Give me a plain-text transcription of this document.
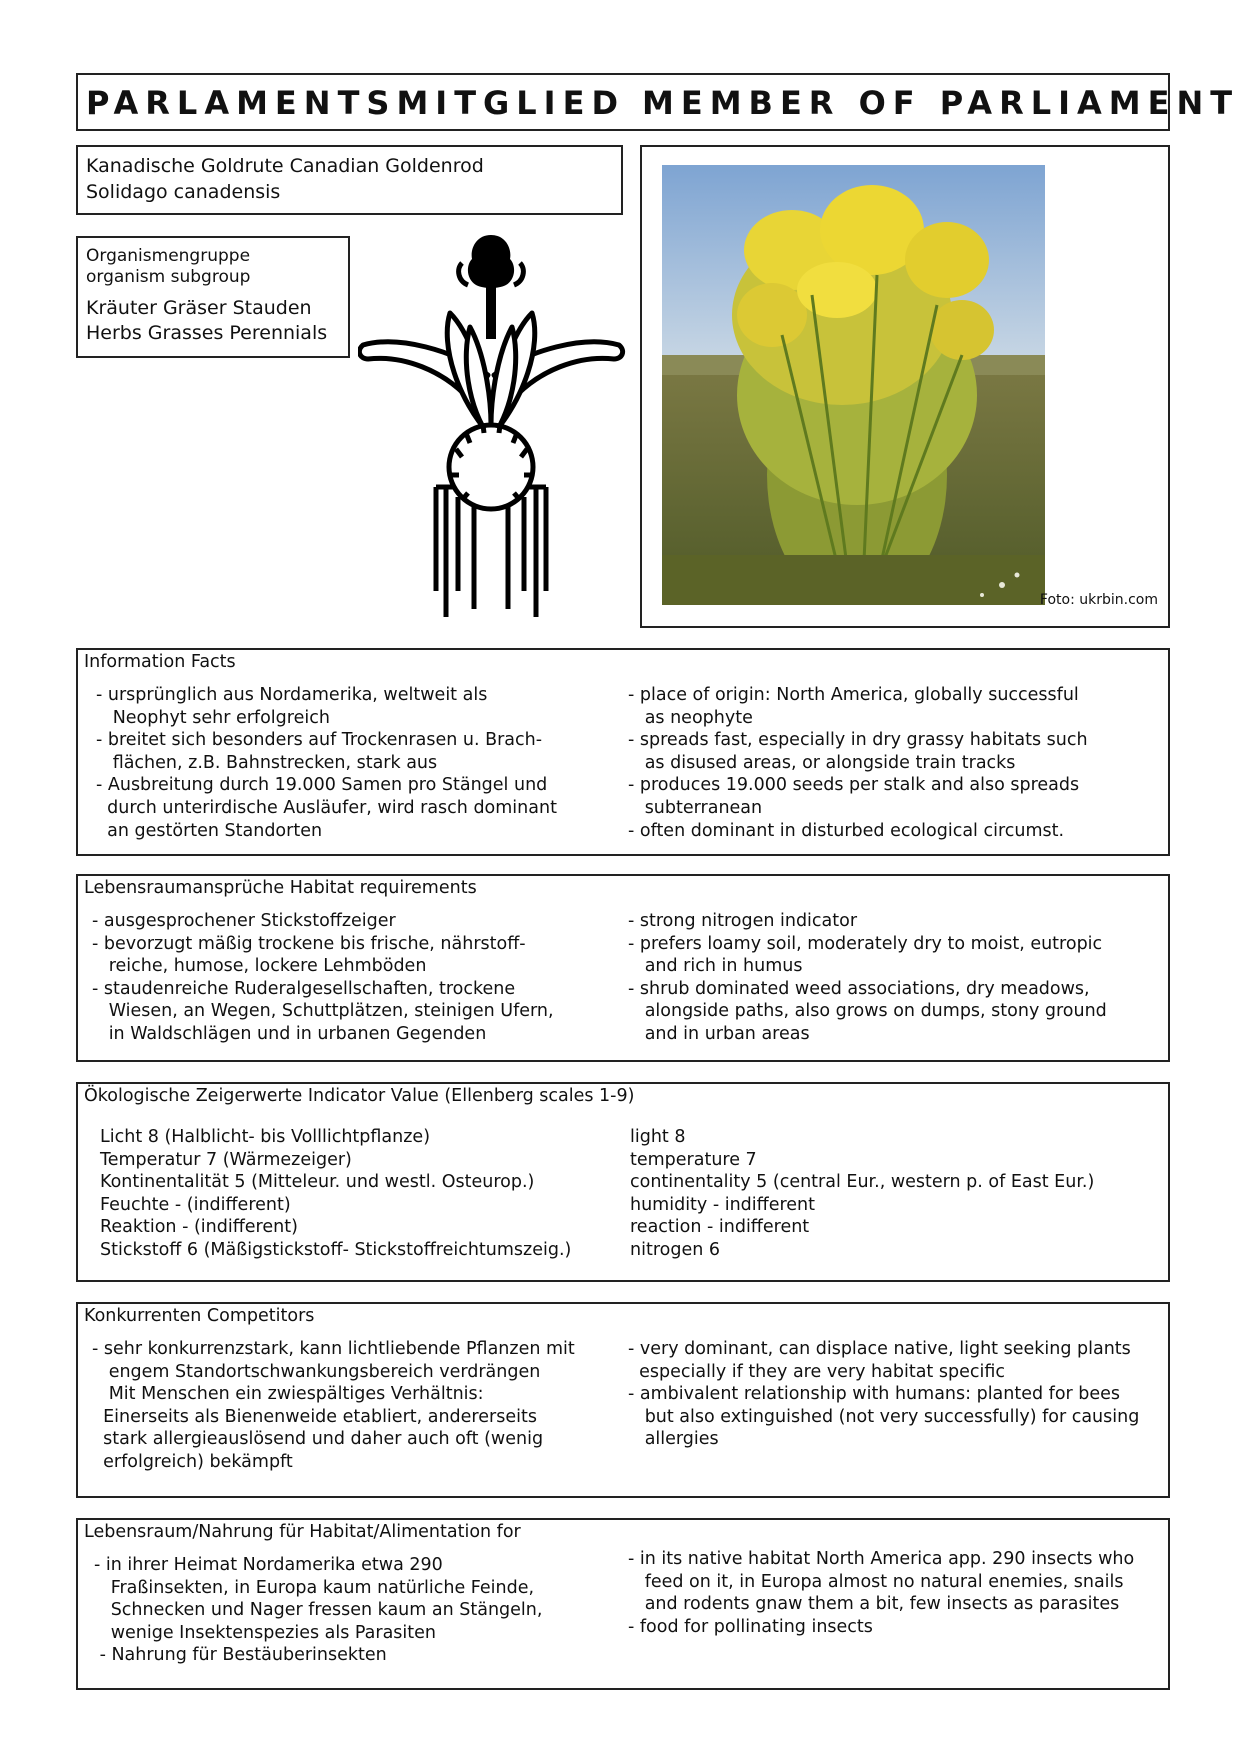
PARLAMENTSMITGLIED MEMBER OF PARLIAMENT
Kanadische Goldrute Canadian Goldenrod
Solidago canadensis
Organismengruppe
organism subgroup
Kräuter Gräser Stauden
Herbs Grasses Perennials
Foto: ukrbin.com
Information Facts

- ursprünglich aus Nordamerika, weltweit als

Neophyt sehr erfolgreich

- breitet sich besonders auf Trockenrasen u. Brach-

flächen, z.B. Bahnstrecken, stark aus

- Ausbreitung durch 19.000 Samen pro Stängel und

durch unterirdische Ausläufer, wird rasch dominant

an gestörten Standorten

- place of origin: North America, globally successful

as neophyte

- spreads fast, especially in dry grassy habitats such

as disused areas, or alongside train tracks

- produces 19.000 seeds per stalk and also spreads

subterranean

- often dominant in disturbed ecological circumst.

Lebensraumansprüche Habitat requirements

- ausgesprochener Stickstoffzeiger

- bevorzugt mäßig trockene bis frische, nährstoff-

reiche, humose, lockere Lehmböden

- staudenreiche Ruderalgesellschaften, trockene

Wiesen, an Wegen, Schuttplätzen, steinigen Ufern,

in Waldschlägen und in urbanen Gegenden

- strong nitrogen indicator

- prefers loamy soil, moderately dry to moist, eutropic

and rich in humus

- shrub dominated weed associations, dry meadows,

alongside paths, also grows on dumps, stony ground

and in urban areas

Ökologische Zeigerwerte Indicator Value (Ellenberg scales 1-9)

Licht 8 (Halblicht- bis Volllichtpflanze)

Temperatur 7 (Wärmezeiger)

Kontinentalität 5 (Mitteleur. und westl. Osteurop.)

Feuchte - (indifferent)

Reaktion - (indifferent)

Stickstoff 6 (Mäßigstickstoff- Stickstoffreichtumszeig.)

light 8

temperature 7

continentality 5 (central Eur., western p. of East Eur.)

humidity - indifferent

reaction - indifferent

nitrogen 6

Konkurrenten Competitors

- sehr konkurrenzstark, kann lichtliebende Pflanzen mit

engem Standortschwankungsbereich verdrängen

Mit Menschen ein zwiespältiges Verhältnis:

Einerseits als Bienenweide etabliert, andererseits

stark allergieauslösend und daher auch oft (wenig

erfolgreich) bekämpft

- very dominant, can displace native, light seeking plants

especially if they are very habitat specific

- ambivalent relationship with humans: planted for bees

but also extinguished (not very successfully) for causing

allergies

Lebensraum/Nahrung für Habitat/Alimentation for

- in ihrer Heimat Nordamerika etwa 290

Fraßinsekten, in Europa kaum natürliche Feinde,

Schnecken und Nager fressen kaum an Stängeln,

wenige Insektenspezies als Parasiten

- Nahrung für Bestäuberinsekten

- in its native habitat North America app. 290 insects who

feed on it, in Europa almost no natural enemies, snails

and rodents gnaw them a bit, few insects as parasites

- food for pollinating insects
